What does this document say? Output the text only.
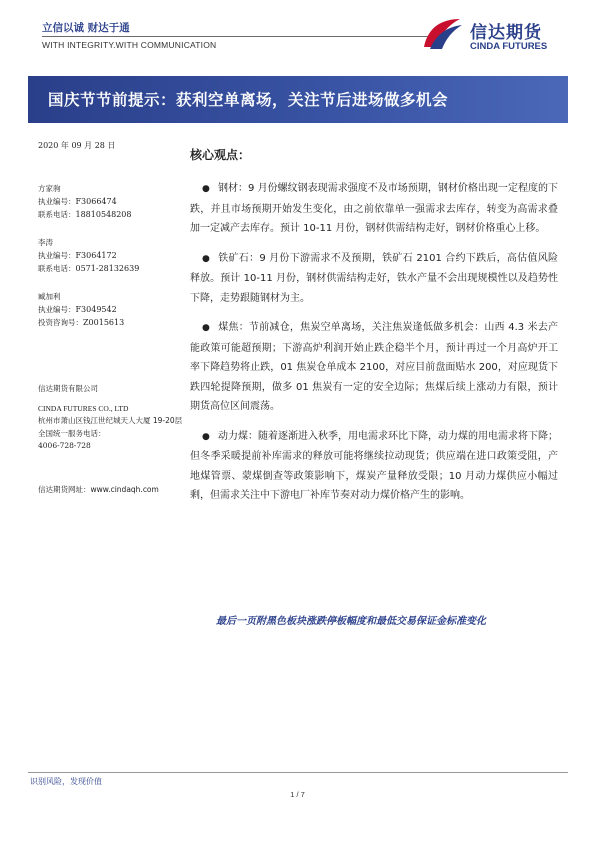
立信以诚 财达于通
WITH INTEGRITY.WITH COMMUNICATION
信达期货
CINDA FUTURES
国庆节节前提示：获利空单离场，关注节后进场做多机会
2020 年 09 月 28 日
方家驹
执业编号：F3066474
联系电话：18810548208
李涛
执业编号：F3064172
联系电话：0571-28132639
臧加利
执业编号：F3049542
投资咨询号：Z0015613
信达期货有限公司
CINDA FUTURES CO., LTD
杭州市萧山区钱江世纪城天人大厦 19-20层
全国统一服务电话：
4006-728-728
信达期货网址：www.cindaqh.com
核心观点：
● 钢材：9 月份螺纹钢表现需求强度不及市场预期，钢材价格出现一定程度的下跌，并且市场预期开始发生变化，由之前依靠单一强需求去库存，转变为高需求叠加一定减产去库存。预计 10-11 月份，钢材供需结构走好，钢材价格重心上移。
● 铁矿石：9 月份下游需求不及预期，铁矿石 2101 合约下跌后，高估值风险释放。预计 10-11 月份，钢材供需结构走好，铁水产量不会出现规模性以及趋势性下降，走势跟随钢材为主。
● 煤焦：节前减仓，焦炭空单离场，关注焦炭逢低做多机会：山西 4.3 米去产能政策可能超预期；下游高炉利润开始止跌企稳半个月，预计再过一个月高炉开工率下降趋势将止跌，01 焦炭仓单成本 2100，对应目前盘面贴水 200，对应现货下跌四轮提降预期，做多 01 焦炭有一定的安全边际；焦煤后续上涨动力有限，预计期货高位区间震荡。
● 动力煤：随着逐渐进入秋季，用电需求环比下降，动力煤的用电需求将下降；但冬季采暖提前补库需求的释放可能将继续拉动现货；供应端在进口政策受阻，产地煤管票、蒙煤倒查等政策影响下，煤炭产量释放受限；10 月动力煤供应小幅过剩，但需求关注中下游电厂补库节奏对动力煤价格产生的影响。
最后一页附黑色板块涨跌停板幅度和最低交易保证金标准变化
识别风险，发现价值
1 / 7
